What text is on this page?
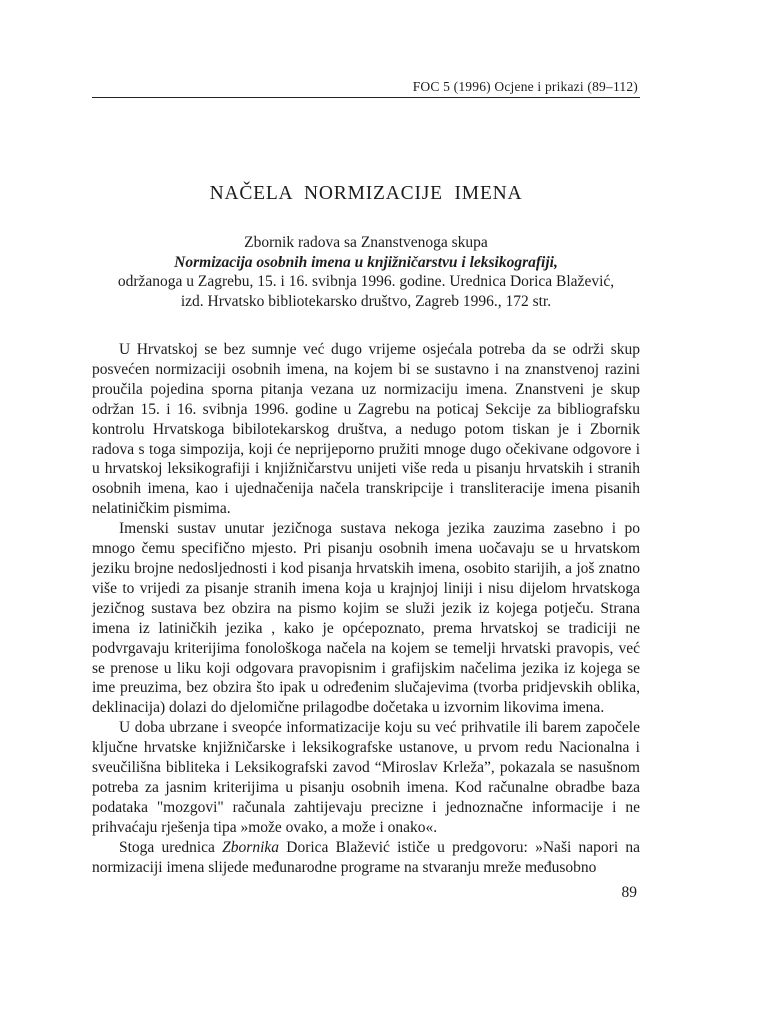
FOC 5 (1996) Ocjene i prikazi (89–112)
NAČELA NORMIZACIJE IMENA
Zbornik radova sa Znanstvenoga skupa
Normizacija osobnih imena u knjižničarstvu i leksikografiji,
održanoga u Zagrebu, 15. i 16. svibnja 1996. godine. Urednica Dorica Blažević,
izd. Hrvatsko bibliotekarsko društvo, Zagreb 1996., 172 str.

U Hrvatskoj se bez sumnje već dugo vrijeme osjećala potreba da se održi skup posvećen normizaciji osobnih imena, na kojem bi se sustavno i na znanstvenoj razini proučila pojedina sporna pitanja vezana uz normizaciju imena. Znanstveni je skup održan 15. i 16. svibnja 1996. godine u Zagrebu na poticaj Sekcije za bibliografsku kontrolu Hrvatskoga bibilotekarskog društva, a nedugo potom tiskan je i Zbornik radova s toga simpozija, koji će neprijeporno pružiti mnoge dugo očekivane odgovore i u hrvatskoj leksikografiji i knjižničarstvu unijeti više reda u pisanju hrvatskih i stranih osobnih imena, kao i ujednačenija načela transkripcije i transliteracije imena pisanih nelatiničkim pismima.

Imenski sustav unutar jezičnoga sustava nekoga jezika zauzima zasebno i po mnogo čemu specifično mjesto. Pri pisanju osobnih imena uočavaju se u hrvatskom jeziku brojne nedosljednosti i kod pisanja hrvatskih imena, osobito starijih, a još znatno više to vrijedi za pisanje stranih imena koja u krajnjoj liniji i nisu dijelom hrvatskoga jezičnog sustava bez obzira na pismo kojim se služi jezik iz kojega potječu. Strana imena iz latiničkih jezika , kako je općepoznato, prema hrvatskoj se tradiciji ne podvrgavaju kriterijima fonološkoga načela na kojem se temelji hrvatski pravopis, već se prenose u liku koji odgovara pravopisnim i grafijskim načelima jezika iz kojega se ime preuzima, bez obzira što ipak u određenim slučajevima (tvorba pridjevskih oblika, deklinacija) dolazi do djelomične prilagodbe dočetaka u izvornim likovima imena.

U doba ubrzane i sveopće informatizacije koju su već prihvatile ili barem započele ključne hrvatske knjižničarske i leksikografske ustanove, u prvom redu Nacionalna i sveučilišna bibliteka i Leksikografski zavod “Miroslav Krleža”, pokazala se nasušnom potreba za jasnim kriterijima u pisanju osobnih imena. Kod računalne obradbe baza podataka "mozgovi" računala zahtijevaju precizne i jednoznačne informacije i ne prihvaćaju rješenja tipa »može ovako, a može i onako«.

Stoga urednica Zbornika Dorica Blažević ističe u predgovoru: »Naši napori na normizaciji imena slijede međunarodne programe na stvaranju mreže međusobno

89
